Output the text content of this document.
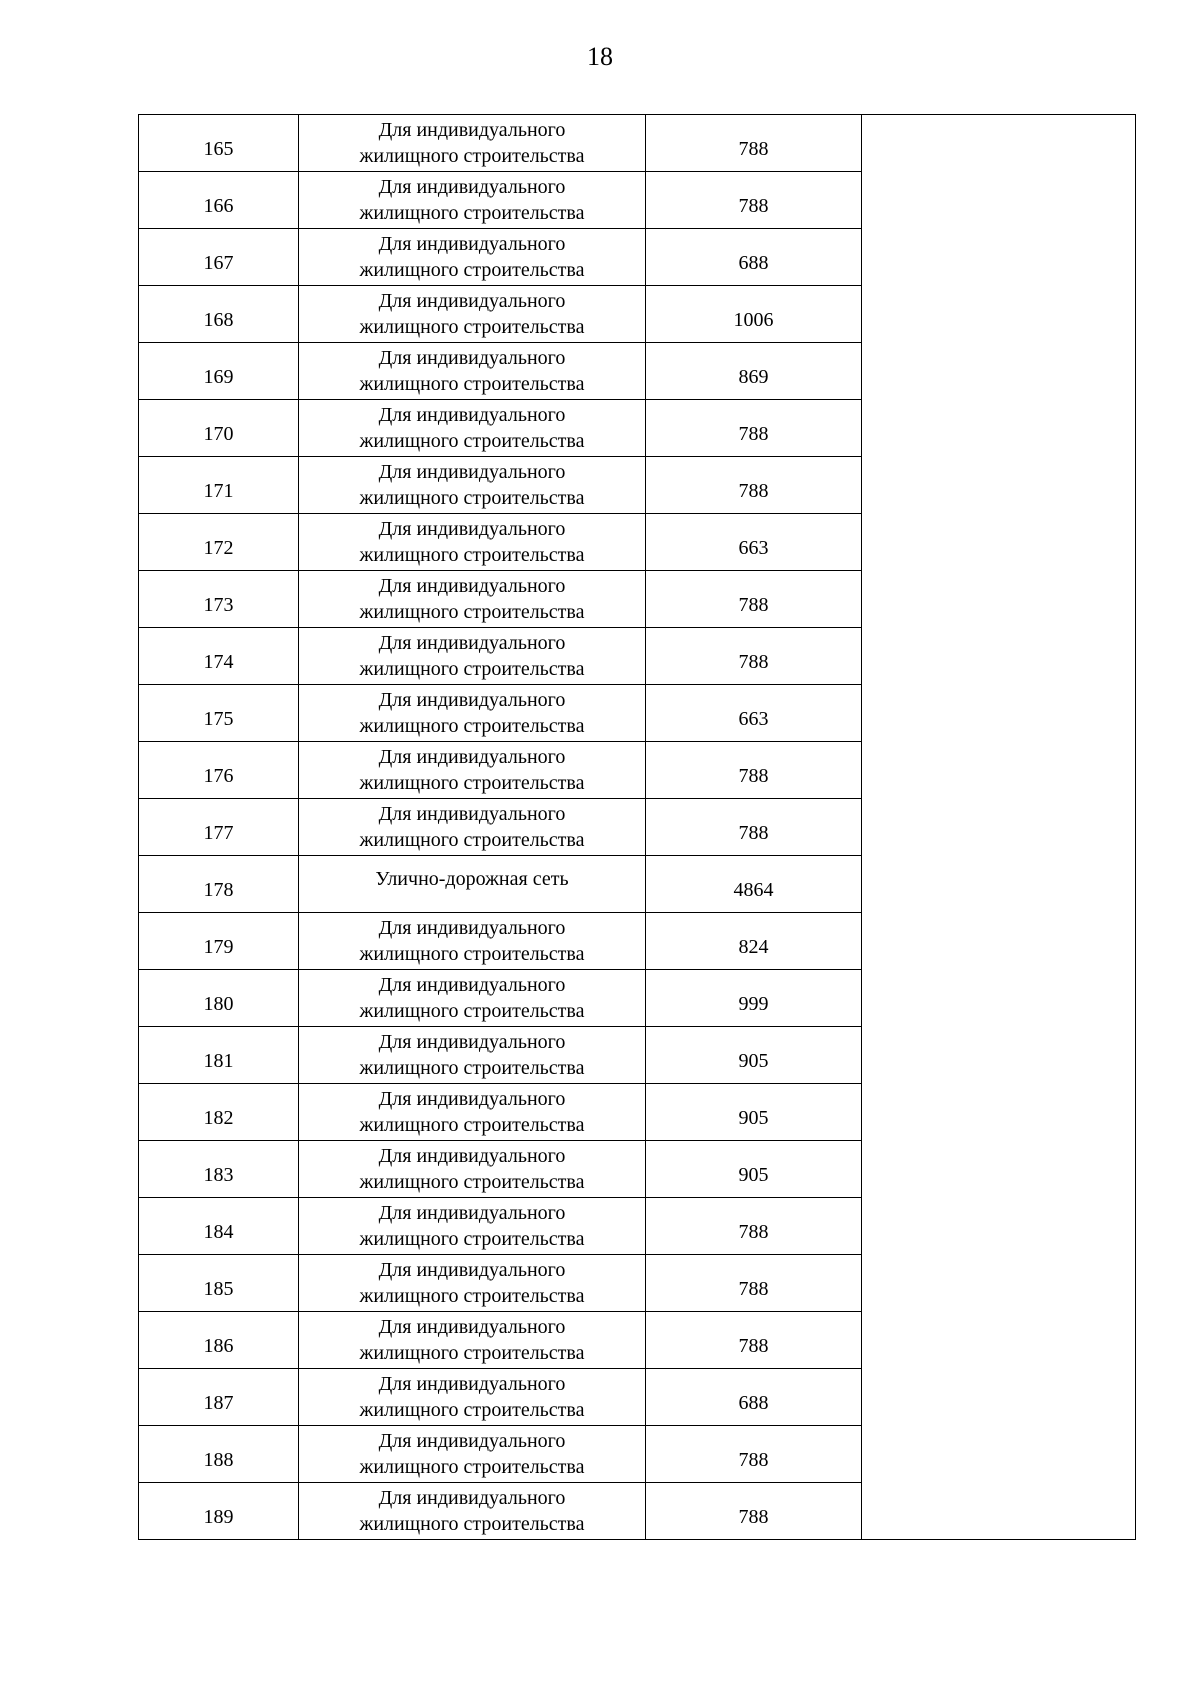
18
165	Для индивидуального
жилищного строительства	788	
166	Для индивидуального
жилищного строительства	788	
167	Для индивидуального
жилищного строительства	688	
168	Для индивидуального
жилищного строительства	1006	
169	Для индивидуального
жилищного строительства	869	
170	Для индивидуального
жилищного строительства	788	
171	Для индивидуального
жилищного строительства	788	
172	Для индивидуального
жилищного строительства	663	
173	Для индивидуального
жилищного строительства	788	
174	Для индивидуального
жилищного строительства	788	
175	Для индивидуального
жилищного строительства	663	
176	Для индивидуального
жилищного строительства	788	
177	Для индивидуального
жилищного строительства	788	
178	Улично-дорожная сеть	4864	
179	Для индивидуального
жилищного строительства	824	
180	Для индивидуального
жилищного строительства	999	
181	Для индивидуального
жилищного строительства	905	
182	Для индивидуального
жилищного строительства	905	
183	Для индивидуального
жилищного строительства	905	
184	Для индивидуального
жилищного строительства	788	
185	Для индивидуального
жилищного строительства	788	
186	Для индивидуального
жилищного строительства	788	
187	Для индивидуального
жилищного строительства	688	
188	Для индивидуального
жилищного строительства	788	
189	Для индивидуального
жилищного строительства	788	
